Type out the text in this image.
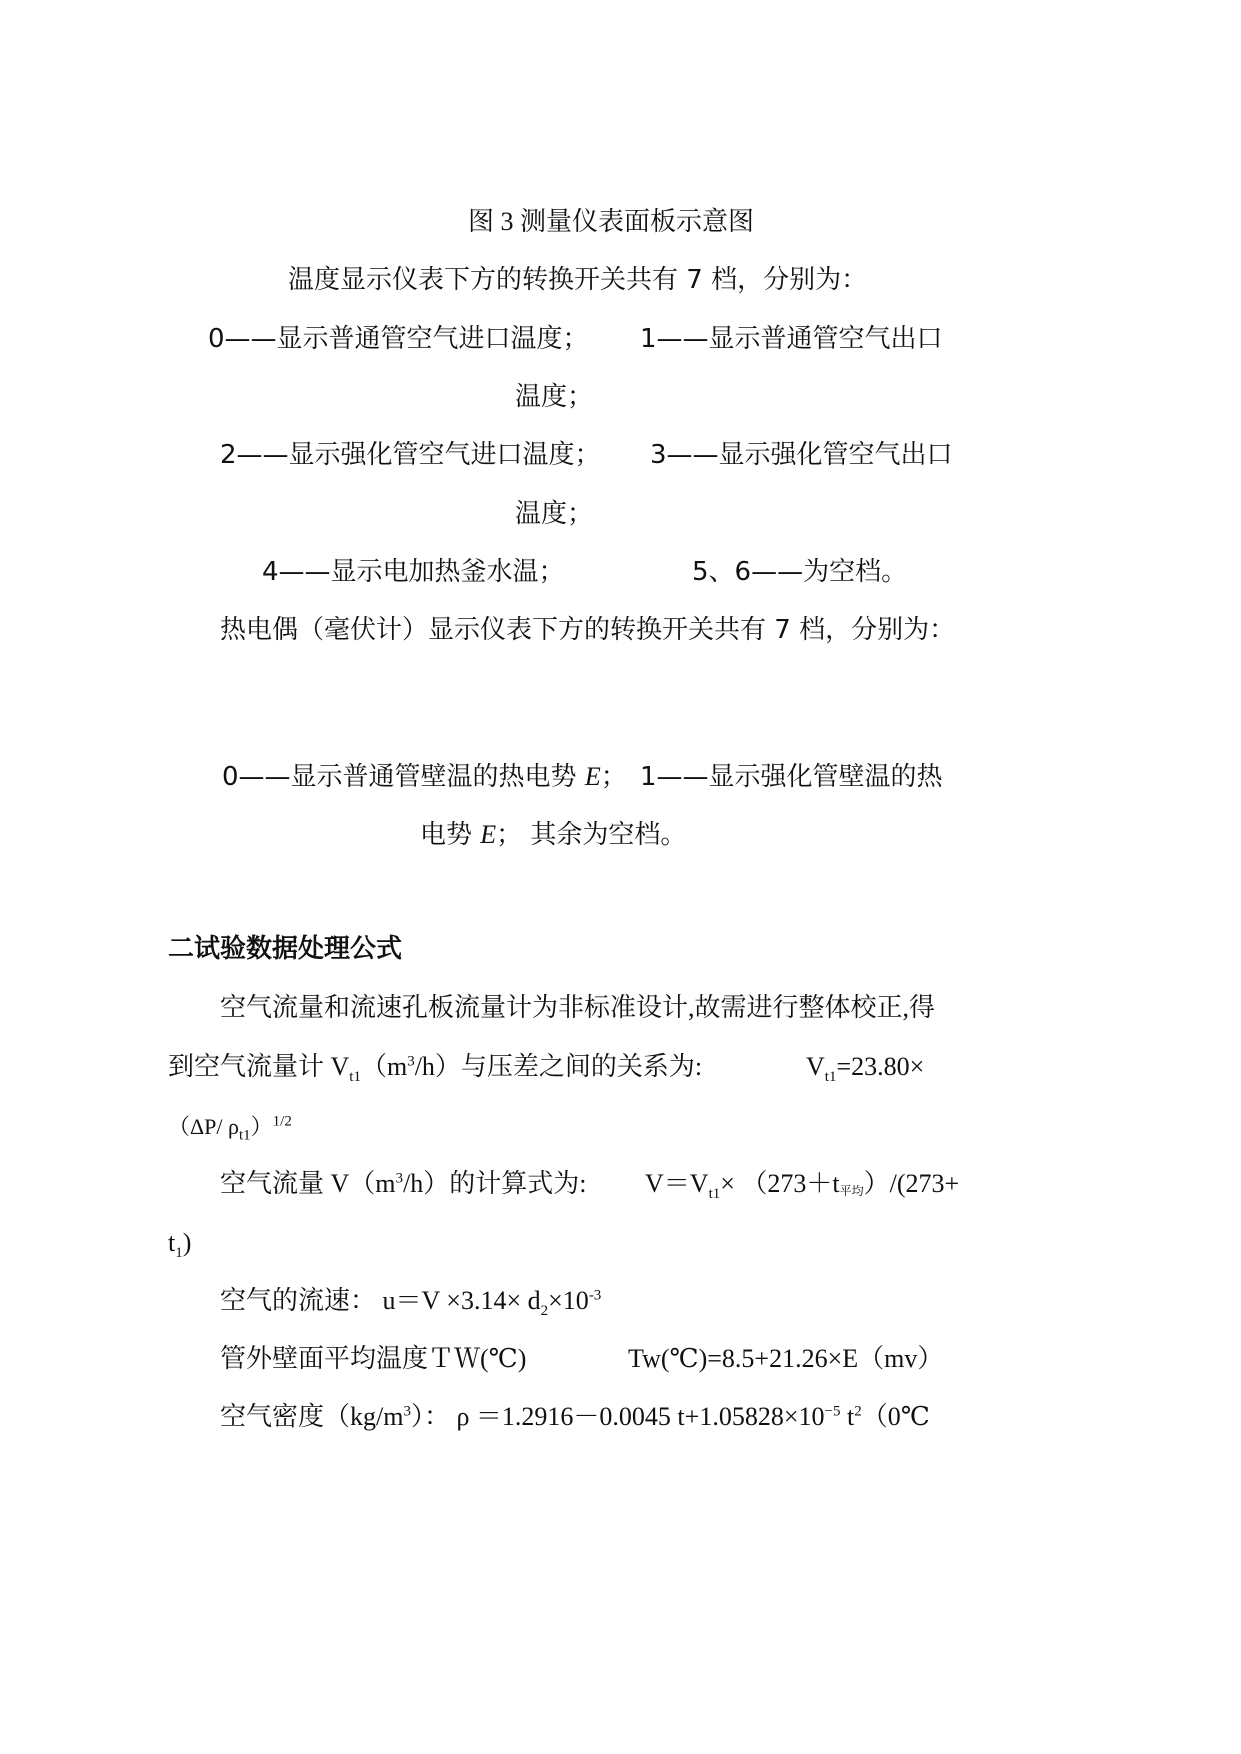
图 3 测量仪表面板示意图
温度显示仪表下方的转换开关共有 7 档，分别为：
0——显示普通管空气进口温度； 1——显示普通管空气出口
温度；
2——显示强化管空气进口温度； 3——显示强化管空气出口
温度；
4——显示电加热釜水温；	5、6——为空档。
热电偶（毫伏计）显示仪表下方的转换开关共有 7 档，分别为：
0——显示普通管壁温的热电势 E； 1——显示强化管壁温的热
电势 E； 其余为空档。
二试验数据处理公式
空气流量和流速孔板流量计为非标准设计,故需进行整体校正,得
到空气流量计 $V_{t1}(m^3/h)$与压差之间的关系为:	$V_{t1}=23.80\times$
（ΔP/ $\rho_{t1})^{1/2}$
空气流量 $V(m^3/h)$的计算式为: $V=V_{t1}\times (273+t$平均）/(273+
$t_1$)
空气的流速： $u=V \times 3.14\times d_2\times 10^{-3}$
管外壁面平均温度ＴＷ(℃)	Tw(℃)=8.5+21.26×E（mv）
空气密度$(kg/m^3)$： ρ ＝1.2916－0.0045 $t+1.05828\times 10^{-5}$ $t^2(0℃$
